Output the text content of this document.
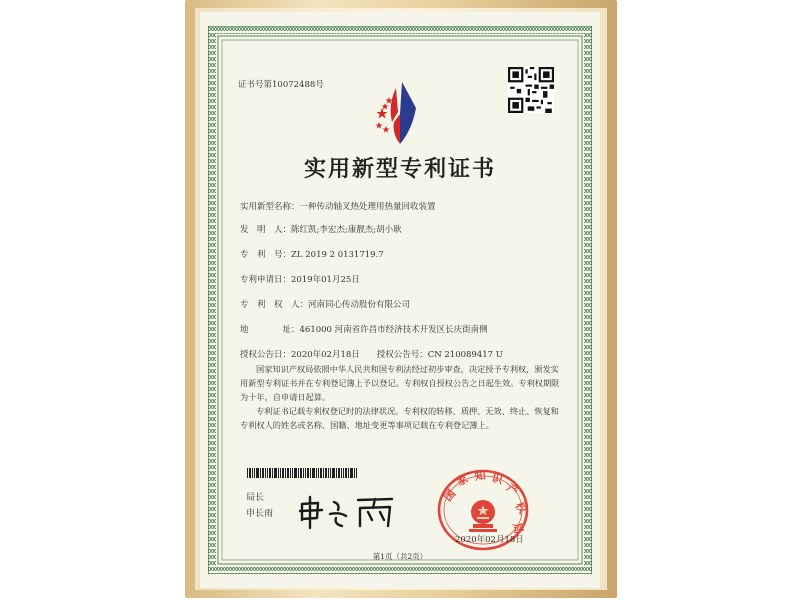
证书号第10072488号
实用新型专利证书
实用新型名称：一种传动轴叉热处理用热量回收装置
发　明　人：陈红凯;李宏杰;康靓杰;胡小耿
专　利　号：ZL 2019 2 0131719.7
专利申请日：2019年01月25日
专　利　权　人：河南同心传动股份有限公司
地　　　　址：461000 河南省许昌市经济技术开发区长庆街南侧
授权公告日：2020年02月18日　　授权公告号：CN 210089417 U
国家知识产权局依照中华人民共和国专利法经过初步审查，决定授予专利权，颁发实用新型专利证书并在专利登记簿上予以登记。专利权自授权公告之日起生效。专利权期限为十年，自申请日起算。
专利证书记载专利权登记时的法律状况。专利权的转移、质押、无效、终止、恢复和专利权人的姓名或名称、国籍、地址变更等事项记载在专利登记簿上。
局长
申长雨
国
家 知 识
产
权
局
2020年02月18日
第1页（共2页）
